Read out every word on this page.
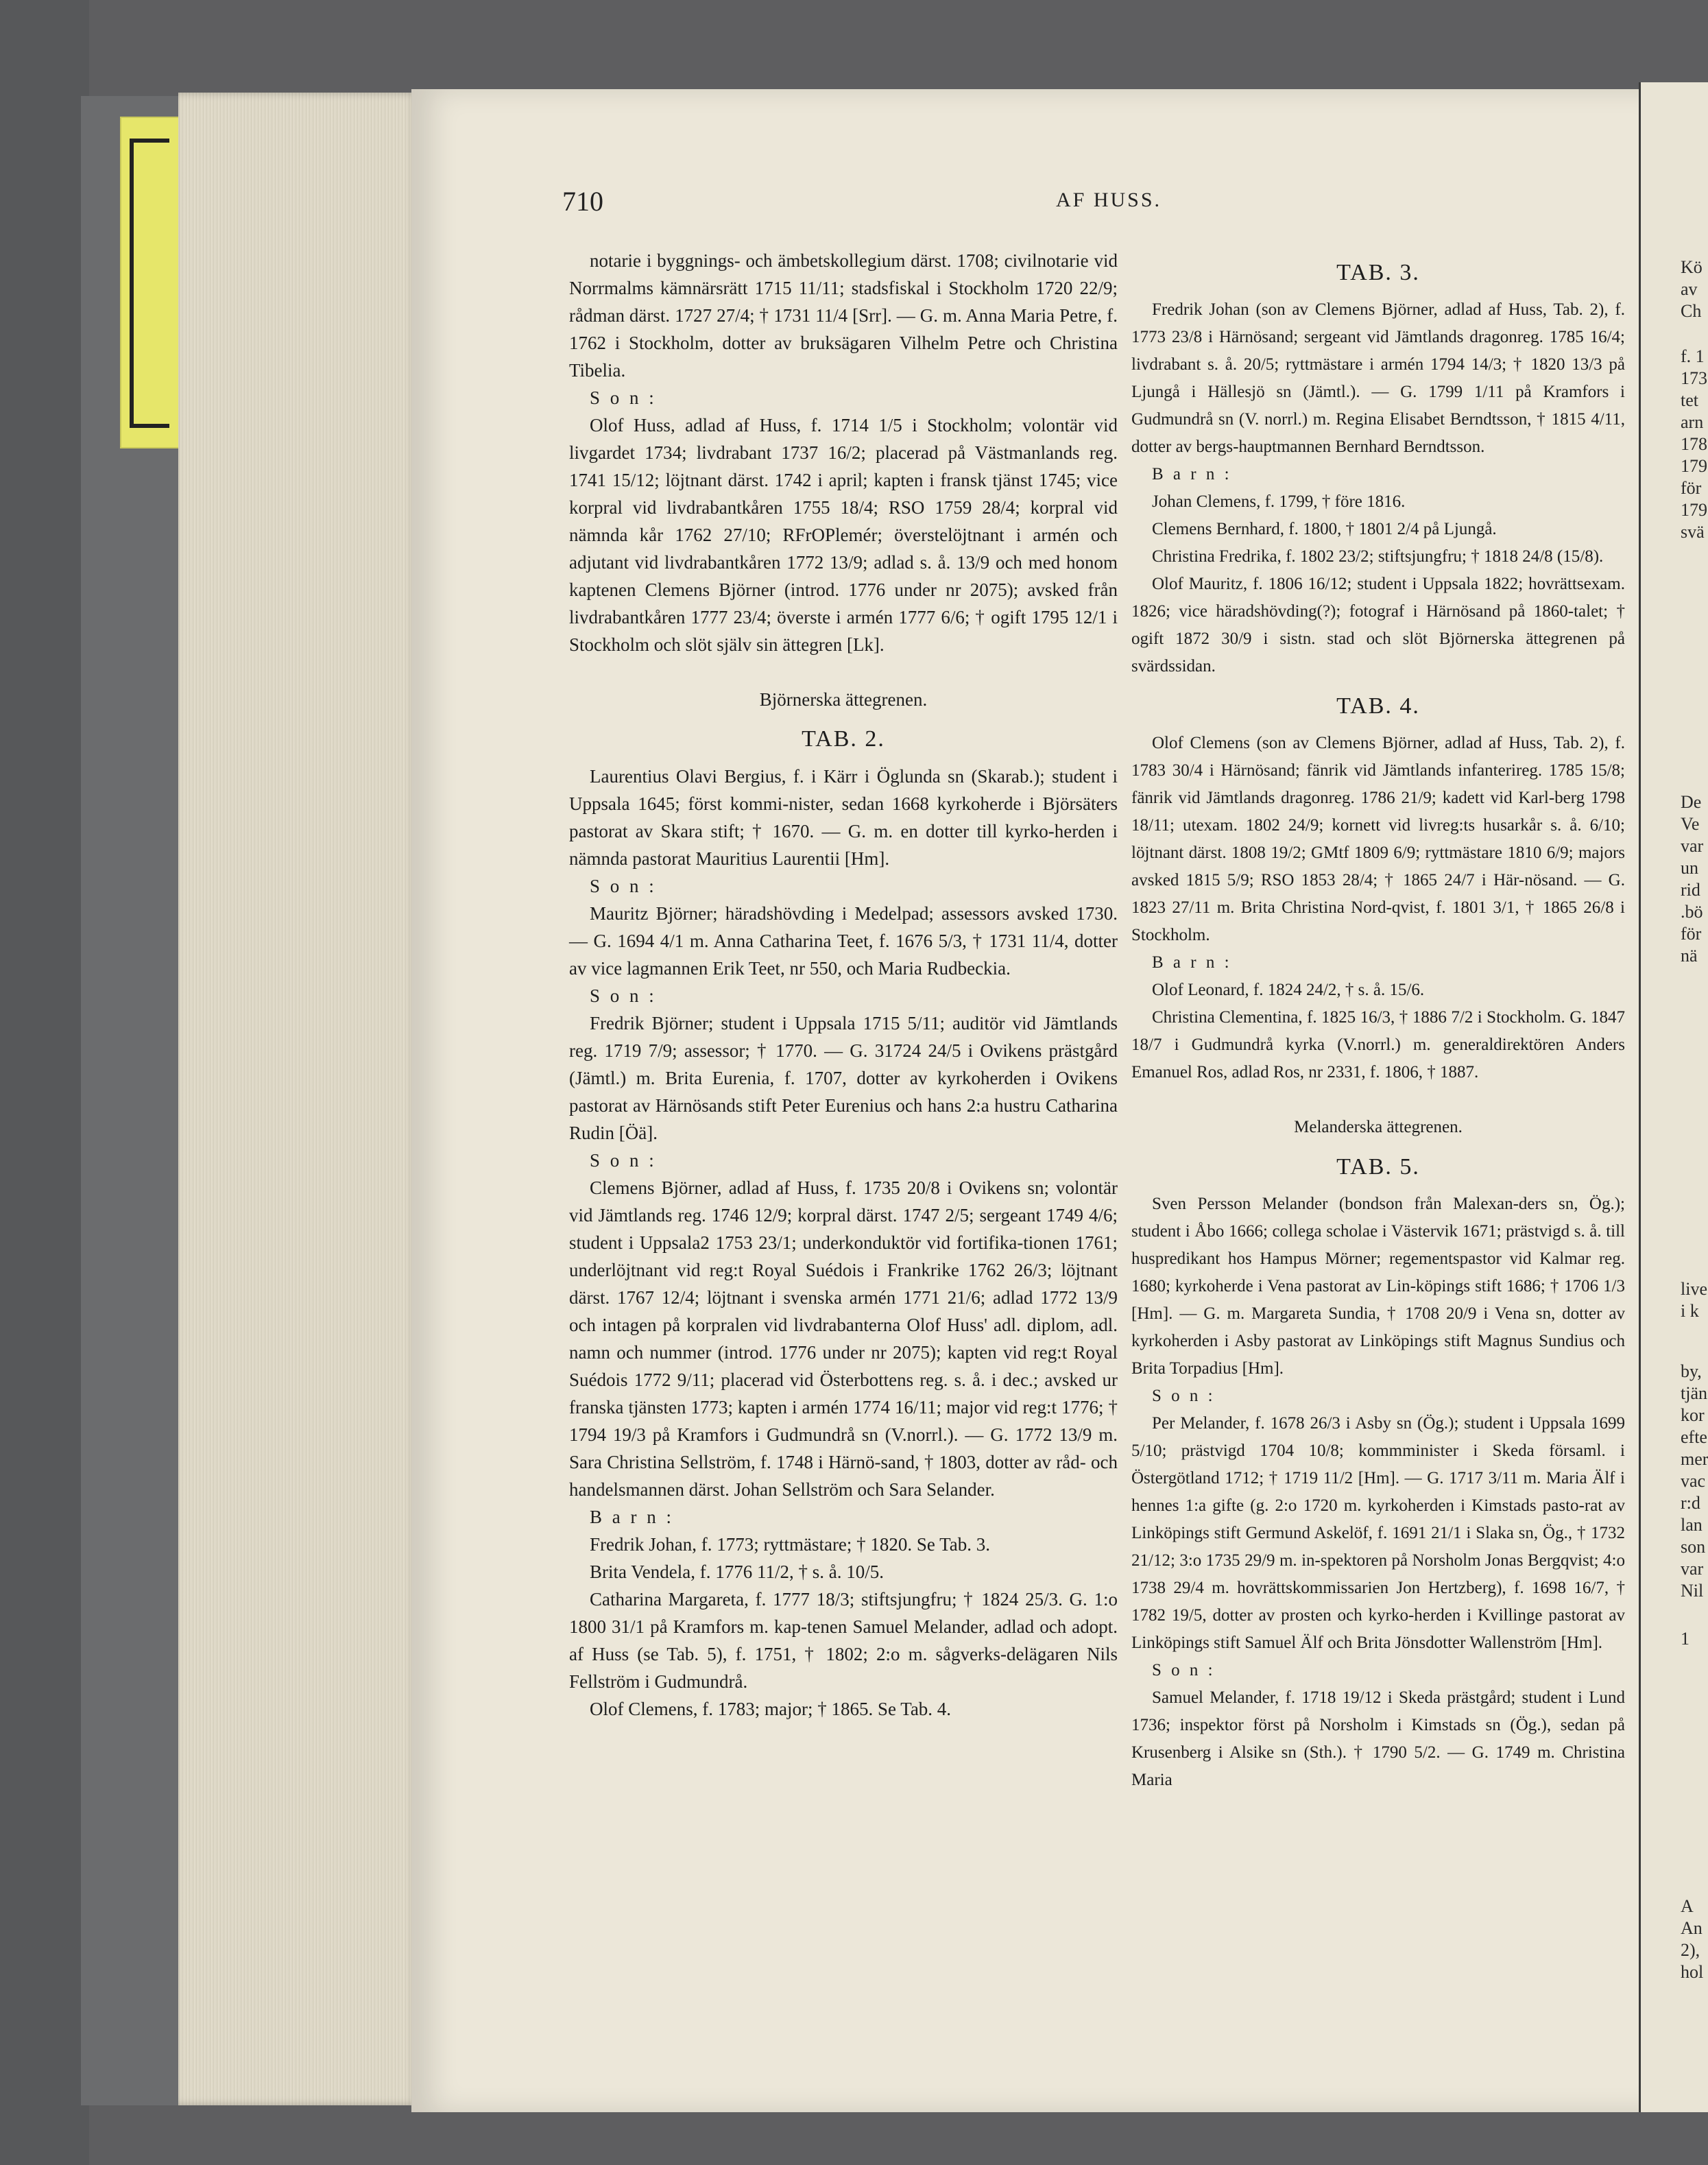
Kö
av
Ch
f. 1
173
tet
arn
178
179
för
179
svä
De
Ve
var
un
rid
.bö
för
nä
live
i k
by,
tjän
kor
efte
mer
vac
r:d
lan
son
var
Nil
1
A
An
2),
hol
710	AF HUSS.

notarie i byggnings- och ämbetskollegium därst. 1708; civilnotarie vid Norrmalms kämnärsrätt 1715 11/11; stadsfiskal i Stockholm 1720 22/9; rådman därst. 1727 27/4; † 1731 11/4 [Srr]. — G. m. Anna Maria Petre, f. 1762 i Stockholm, dotter av bruksägaren Vilhelm Petre och Christina Tibelia.

S o n :

Olof Huss, adlad af Huss, f. 1714 1/5 i Stockholm; volontär vid livgardet 1734; livdrabant 1737 16/2; placerad på Västmanlands reg. 1741 15/12; löjtnant därst. 1742 i april; kapten i fransk tjänst 1745; vice korpral vid livdrabantkåren 1755 18/4; RSO 1759 28/4; korpral vid nämnda kår 1762 27/10; RFrOPlemér; överstelöjtnant i armén och adjutant vid livdrabantkåren 1772 13/9; adlad s. å. 13/9 och med honom kaptenen Clemens Björner (introd. 1776 under nr 2075); avsked från livdrabantkåren 1777 23/4; överste i armén 1777 6/6; † ogift 1795 12/1 i Stockholm och slöt själv sin ättegren [Lk].

Björnerska ättegrenen.

TAB. 2.

Laurentius Olavi Bergius, f. i Kärr i Öglunda sn (Skarab.); student i Uppsala 1645; först kommi-nister, sedan 1668 kyrkoherde i Björsäters pastorat av Skara stift; † 1670. — G. m. en dotter till kyrko-herden i nämnda pastorat Mauritius Laurentii [Hm].

S o n :

Mauritz Björner; häradshövding i Medelpad; assessors avsked 1730. — G. 1694 4/1 m. Anna Catharina Teet, f. 1676 5/3, † 1731 11/4, dotter av vice lagmannen Erik Teet, nr 550, och Maria Rudbeckia.

S o n :

Fredrik Björner; student i Uppsala 1715 5/11; auditör vid Jämtlands reg. 1719 7/9; assessor; † 1770. — G. 31724 24/5 i Ovikens prästgård (Jämtl.) m. Brita Eurenia, f. 1707, dotter av kyrkoherden i Ovikens pastorat av Härnösands stift Peter Eurenius och hans 2:a hustru Catharina Rudin [Öä].

S o n :

Clemens Björner, adlad af Huss, f. 1735 20/8 i Ovikens sn; volontär vid Jämtlands reg. 1746 12/9; korpral därst. 1747 2/5; sergeant 1749 4/6; student i Uppsala2 1753 23/1; underkonduktör vid fortifika-tionen 1761; underlöjtnant vid reg:t Royal Suédois i Frankrike 1762 26/3; löjtnant därst. 1767 12/4; löjtnant i svenska armén 1771 21/6; adlad 1772 13/9 och intagen på korpralen vid livdrabanterna Olof Huss' adl. diplom, adl. namn och nummer (introd. 1776 under nr 2075); kapten vid reg:t Royal Suédois 1772 9/11; placerad vid Österbottens reg. s. å. i dec.; avsked ur franska tjänsten 1773; kapten i armén 1774 16/11; major vid reg:t 1776; † 1794 19/3 på Kramfors i Gudmundrå sn (V.norrl.). — G. 1772 13/9 m. Sara Christina Sellström, f. 1748 i Härnö-sand, † 1803, dotter av råd- och handelsmannen därst. Johan Sellström och Sara Selander.

B a r n :

Fredrik Johan, f. 1773; ryttmästare; † 1820. Se Tab. 3.

Brita Vendela, f. 1776 11/2, † s. å. 10/5.

Catharina Margareta, f. 1777 18/3; stiftsjungfru; † 1824 25/3. G. 1:o 1800 31/1 på Kramfors m. kap-tenen Samuel Melander, adlad och adopt. af Huss (se Tab. 5), f. 1751, † 1802; 2:o m. sågverks-delägaren Nils Fellström i Gudmundrå.

Olof Clemens, f. 1783; major; † 1865. Se Tab. 4.

TAB. 3.

Fredrik Johan (son av Clemens Björner, adlad af Huss, Tab. 2), f. 1773 23/8 i Härnösand; sergeant vid Jämtlands dragonreg. 1785 16/4; livdrabant s. å. 20/5; ryttmästare i armén 1794 14/3; † 1820 13/3 på Ljungå i Hällesjö sn (Jämtl.). — G. 1799 1/11 på Kramfors i Gudmundrå sn (V. norrl.) m. Regina Elisabet Berndtsson, † 1815 4/11, dotter av bergs-hauptmannen Bernhard Berndtsson.

B a r n :

Johan Clemens, f. 1799, † före 1816.

Clemens Bernhard, f. 1800, † 1801 2/4 på Ljungå.

Christina Fredrika, f. 1802 23/2; stiftsjungfru; † 1818 24/8 (15/8).

Olof Mauritz, f. 1806 16/12; student i Uppsala 1822; hovrättsexam. 1826; vice häradshövding(?); fotograf i Härnösand på 1860-talet; † ogift 1872 30/9 i sistn. stad och slöt Björnerska ättegrenen på svärdssidan.

TAB. 4.

Olof Clemens (son av Clemens Björner, adlad af Huss, Tab. 2), f. 1783 30/4 i Härnösand; fänrik vid Jämtlands infanterireg. 1785 15/8; fänrik vid Jämtlands dragonreg. 1786 21/9; kadett vid Karl-berg 1798 18/11; utexam. 1802 24/9; kornett vid livreg:ts husarkår s. å. 6/10; löjtnant därst. 1808 19/2; GMtf 1809 6/9; ryttmästare 1810 6/9; majors avsked 1815 5/9; RSO 1853 28/4; † 1865 24/7 i Här-nösand. — G. 1823 27/11 m. Brita Christina Nord-qvist, f. 1801 3/1, † 1865 26/8 i Stockholm.

B a r n :

Olof Leonard, f. 1824 24/2, † s. å. 15/6.

Christina Clementina, f. 1825 16/3, † 1886 7/2 i Stockholm. G. 1847 18/7 i Gudmundrå kyrka (V.norrl.) m. generaldirektören Anders Emanuel Ros, adlad Ros, nr 2331, f. 1806, † 1887.

Melanderska ättegrenen.

TAB. 5.

Sven Persson Melander (bondson från Malexan-ders sn, Ög.); student i Åbo 1666; collega scholae i Västervik 1671; prästvigd s. å. till huspredikant hos Hampus Mörner; regementspastor vid Kalmar reg. 1680; kyrkoherde i Vena pastorat av Lin-köpings stift 1686; † 1706 1/3 [Hm]. — G. m. Margareta Sundia, † 1708 20/9 i Vena sn, dotter av kyrkoherden i Asby pastorat av Linköpings stift Magnus Sundius och Brita Torpadius [Hm].

S o n :

Per Melander, f. 1678 26/3 i Asby sn (Ög.); student i Uppsala 1699 5/10; prästvigd 1704 10/8; kommminister i Skeda församl. i Östergötland 1712; † 1719 11/2 [Hm]. — G. 1717 3/11 m. Maria Älf i hennes 1:a gifte (g. 2:o 1720 m. kyrkoherden i Kimstads pasto-rat av Linköpings stift Germund Askelöf, f. 1691 21/1 i Slaka sn, Ög., † 1732 21/12; 3:o 1735 29/9 m. in-spektoren på Norsholm Jonas Bergqvist; 4:o 1738 29/4 m. hovrättskommissarien Jon Hertzberg), f. 1698 16/7, † 1782 19/5, dotter av prosten och kyrko-herden i Kvillinge pastorat av Linköpings stift Samuel Älf och Brita Jönsdotter Wallenström [Hm].

S o n :

Samuel Melander, f. 1718 19/12 i Skeda prästgård; student i Lund 1736; inspektor först på Norsholm i Kimstads sn (Ög.), sedan på Krusenberg i Alsike sn (Sth.). † 1790 5/2. — G. 1749 m. Christina Maria
